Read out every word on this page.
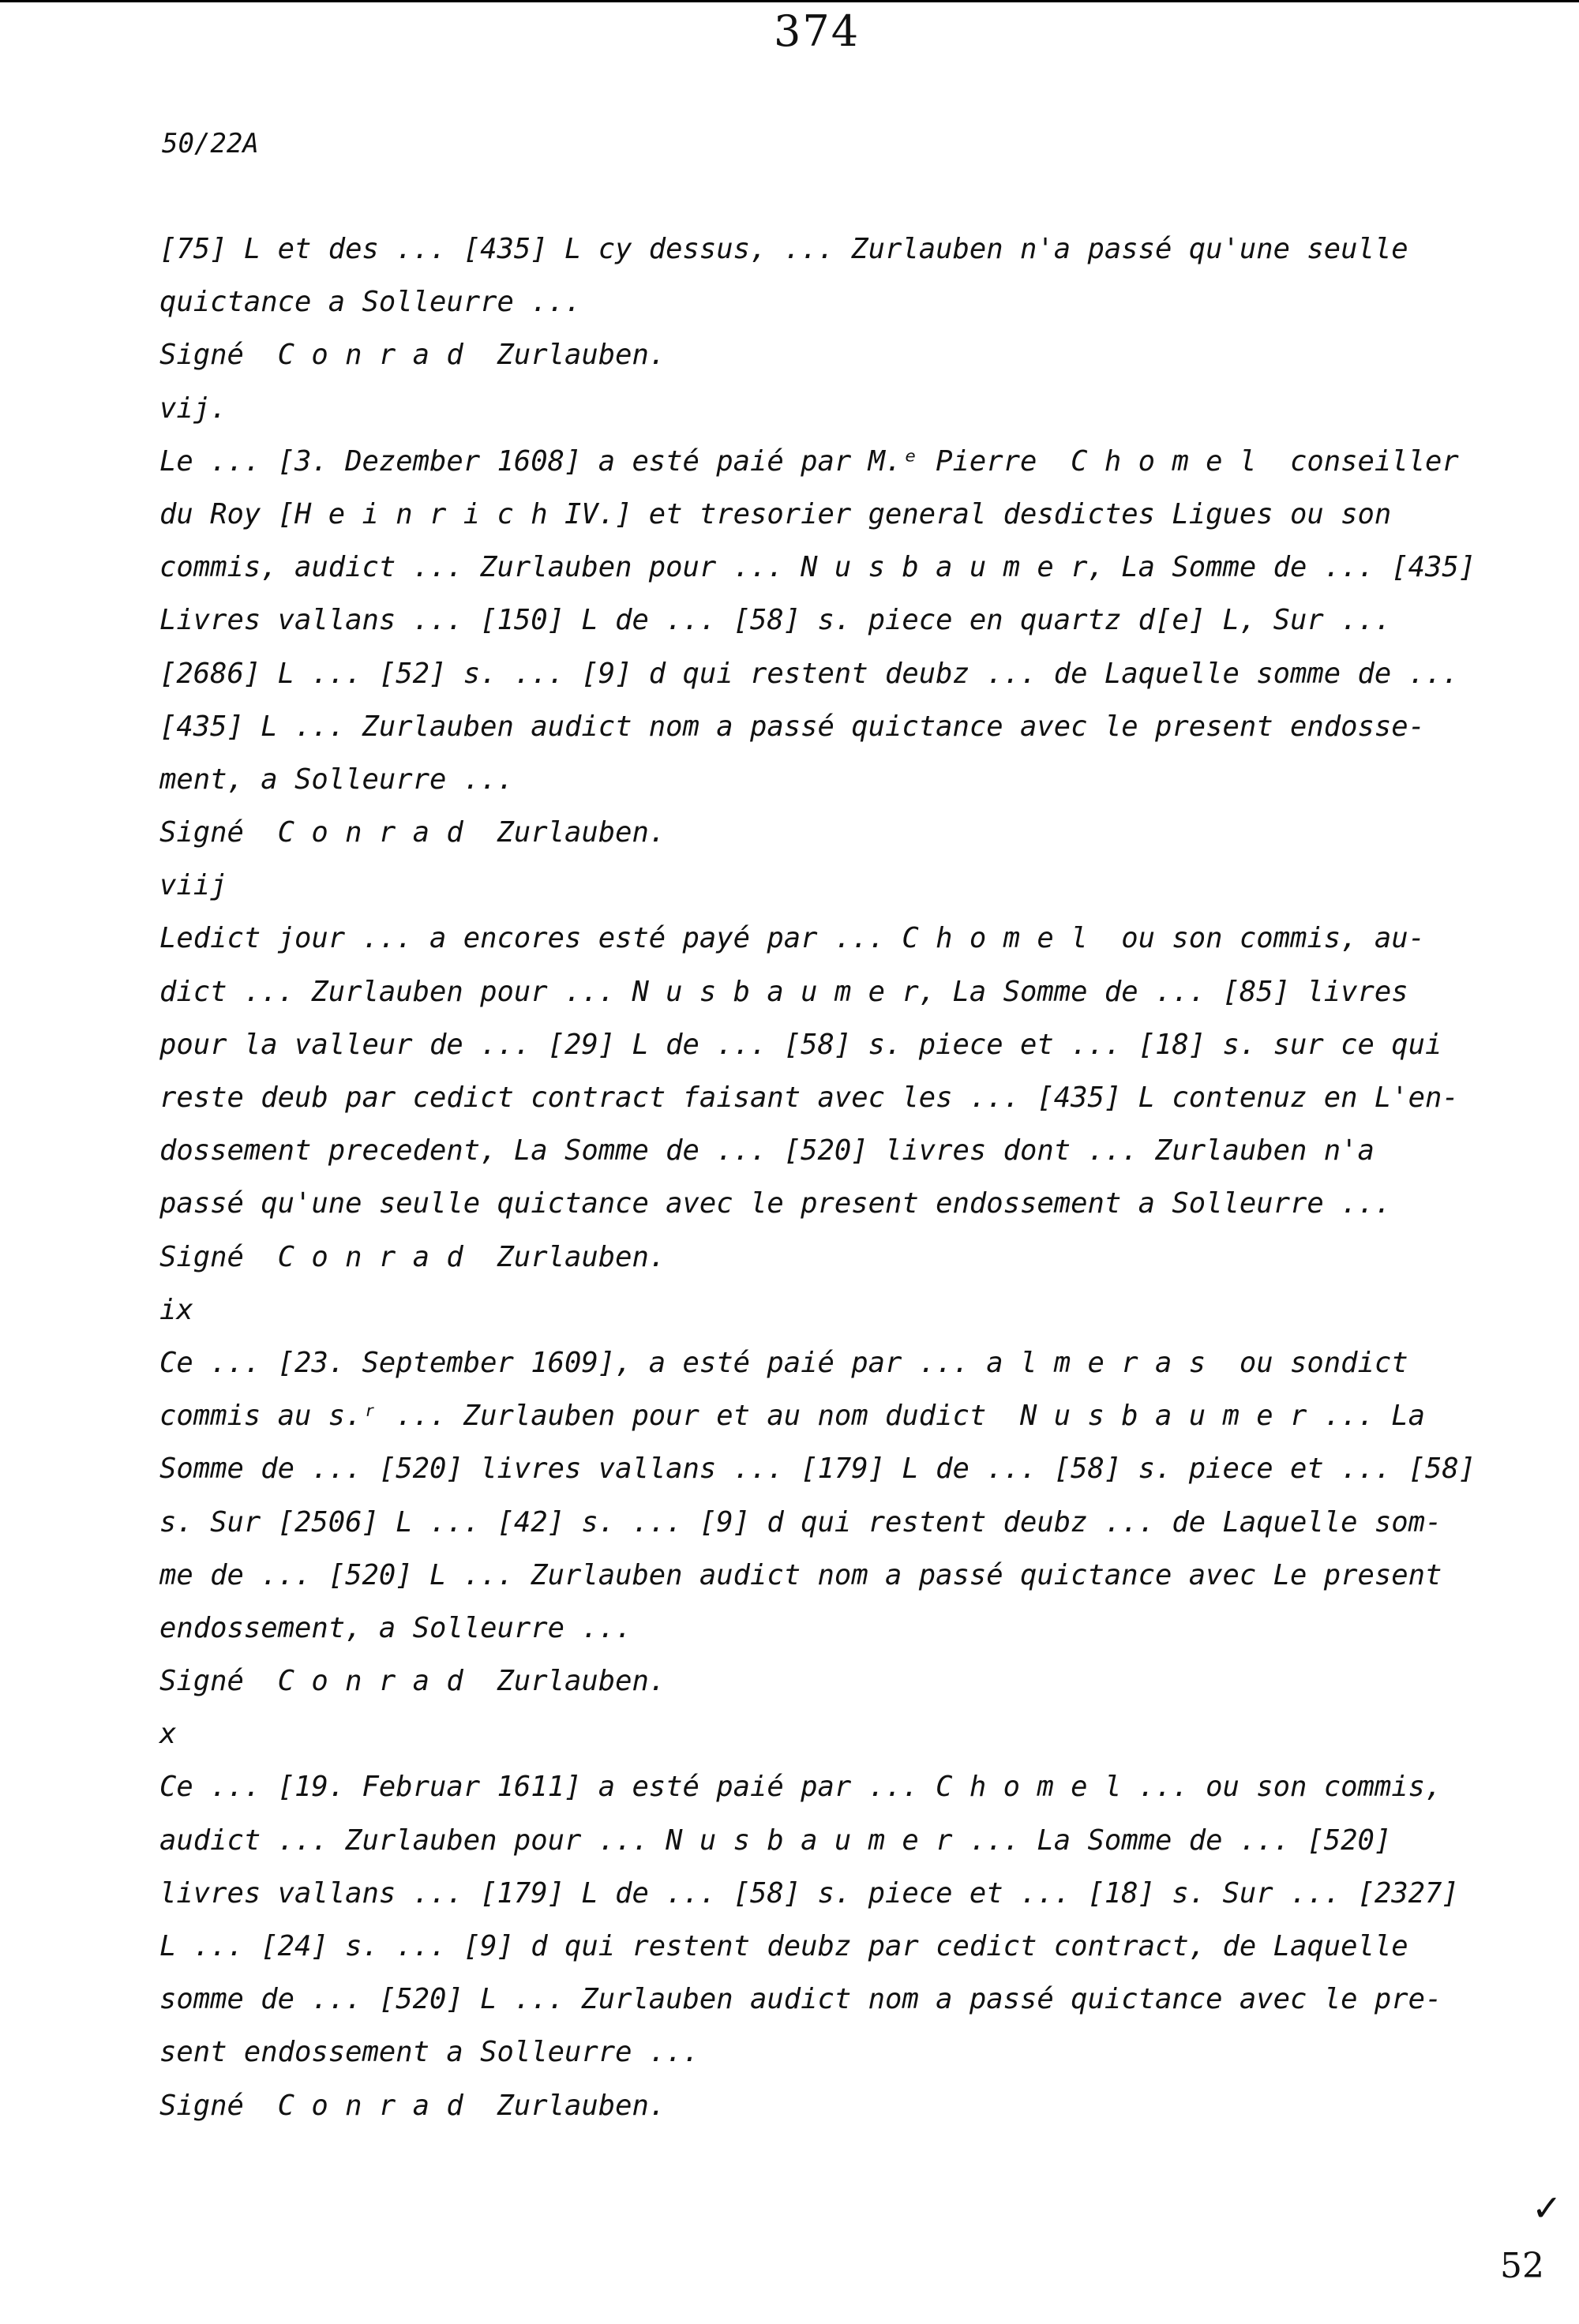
374
50/22A
[75] L et des ... [435] L cy dessus, ... Zurlauben n'a passé qu'une seulle
quictance a Solleurre ...
Signé  C o n r a d  Zurlauben.
vij.
Le ... [3. Dezember 1608] a esté paié par M.ᵉ Pierre  C h o m e l  conseiller
du Roy [H e i n r i c h IV.] et tresorier general desdictes Ligues ou son
commis, audict ... Zurlauben pour ... N u s b a u m e r, La Somme de ... [435]
Livres vallans ... [150] L de ... [58] s. piece en quartz d[e] L, Sur ...
[2686] L ... [52] s. ... [9] d qui restent deubz ... de Laquelle somme de ...
[435] L ... Zurlauben audict nom a passé quictance avec le present endosse-
ment, a Solleurre ...
Signé  C o n r a d  Zurlauben.
viij
Ledict jour ... a encores esté payé par ... C h o m e l  ou son commis, au-
dict ... Zurlauben pour ... N u s b a u m e r, La Somme de ... [85] livres
pour la valleur de ... [29] L de ... [58] s. piece et ... [18] s. sur ce qui
reste deub par cedict contract faisant avec les ... [435] L contenuz en L'en-
dossement precedent, La Somme de ... [520] livres dont ... Zurlauben n'a
passé qu'une seulle quictance avec le present endossement a Solleurre ...
Signé  C o n r a d  Zurlauben.
ix
Ce ... [23. September 1609], a esté paié par ... a l m e r a s  ou sondict
commis au s.ʳ ... Zurlauben pour et au nom dudict  N u s b a u m e r ... La
Somme de ... [520] livres vallans ... [179] L de ... [58] s. piece et ... [58]
s. Sur [2506] L ... [42] s. ... [9] d qui restent deubz ... de Laquelle som-
me de ... [520] L ... Zurlauben audict nom a passé quictance avec Le present
endossement, a Solleurre ...
Signé  C o n r a d  Zurlauben.
x
Ce ... [19. Februar 1611] a esté paié par ... C h o m e l ... ou son commis,
audict ... Zurlauben pour ... N u s b a u m e r ... La Somme de ... [520]
livres vallans ... [179] L de ... [58] s. piece et ... [18] s. Sur ... [2327]
L ... [24] s. ... [9] d qui restent deubz par cedict contract, de Laquelle
somme de ... [520] L ... Zurlauben audict nom a passé quictance avec le pre-
sent endossement a Solleurre ...
Signé  C o n r a d  Zurlauben.
✓
52
